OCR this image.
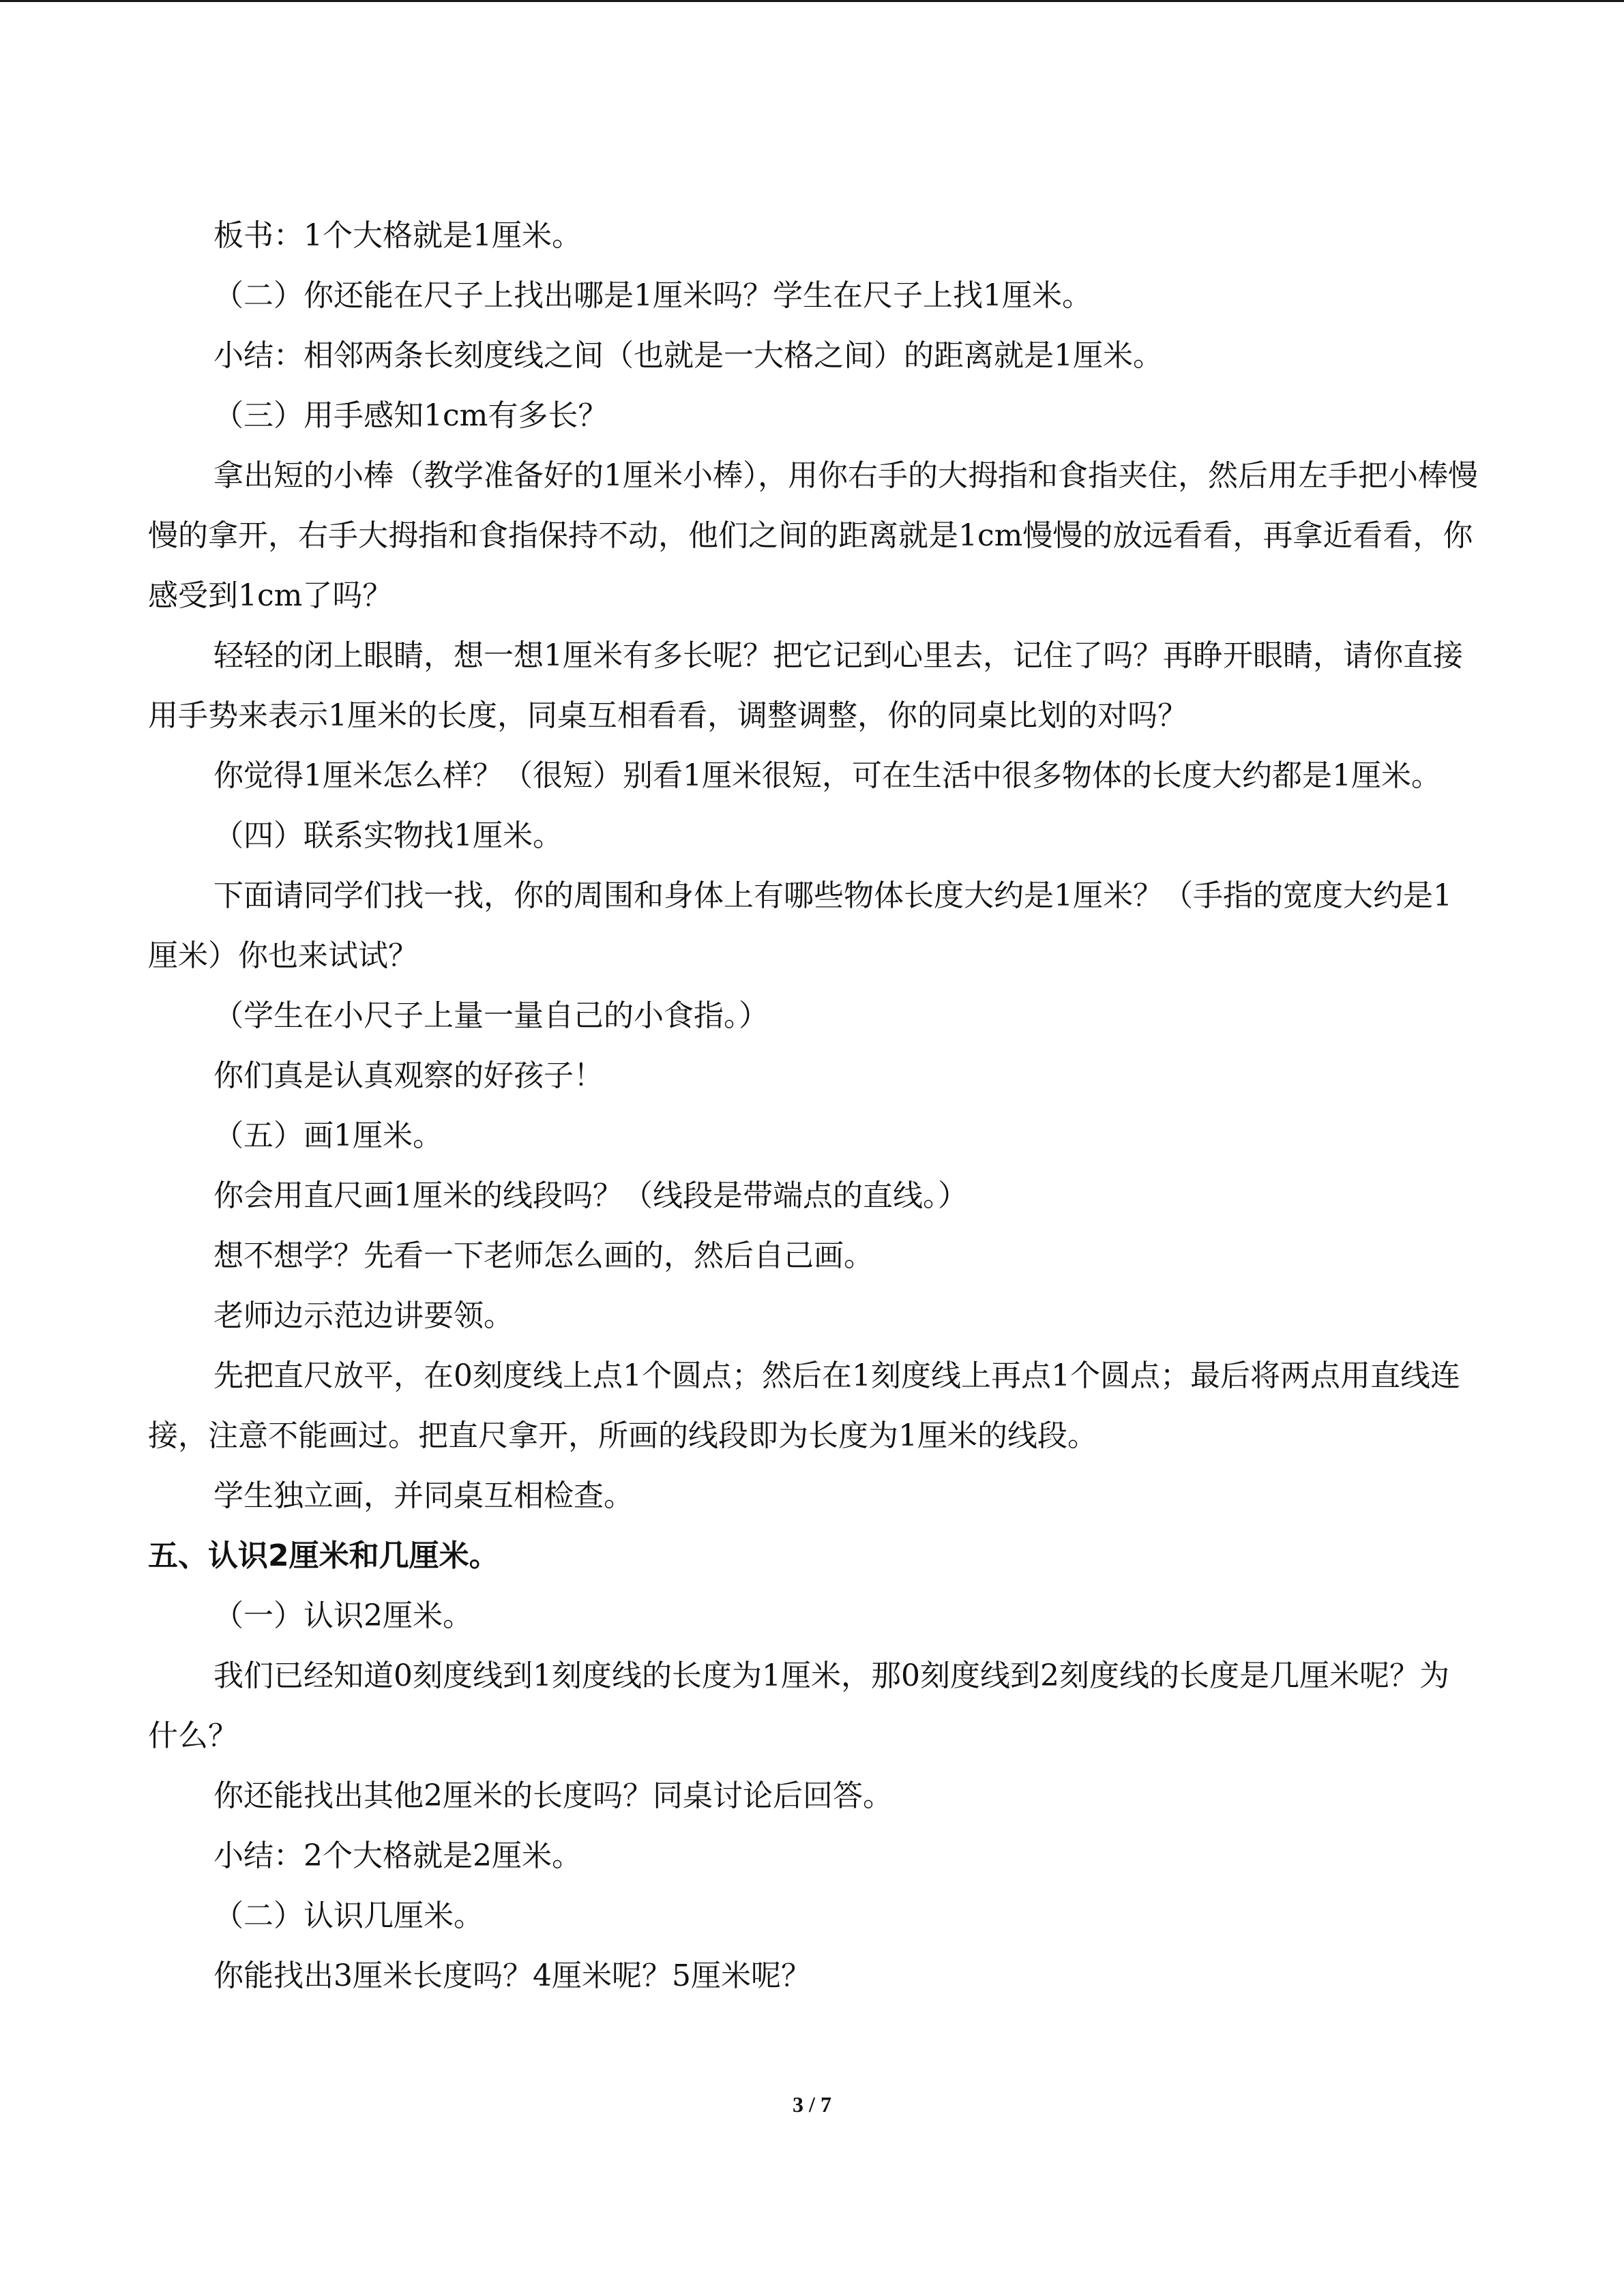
板书：1个大格就是1厘米。

（二）你还能在尺子上找出哪是1厘米吗？学生在尺子上找1厘米。

小结：相邻两条长刻度线之间（也就是一大格之间）的距离就是1厘米。

（三）用手感知1cm有多长？

拿出短的小棒（教学准备好的1厘米小棒），用你右手的大拇指和食指夹住，然后用左手把小棒慢慢的拿开，右手大拇指和食指保持不动，他们之间的距离就是1cm慢慢的放远看看，再拿近看看，你感受到1cm了吗？

轻轻的闭上眼睛，想一想1厘米有多长呢？把它记到心里去，记住了吗？再睁开眼睛，请你直接用手势来表示1厘米的长度，同桌互相看看，调整调整，你的同桌比划的对吗？

你觉得1厘米怎么样？（很短）别看1厘米很短，可在生活中很多物体的长度大约都是1厘米。

（四）联系实物找1厘米。

下面请同学们找一找，你的周围和身体上有哪些物体长度大约是1厘米？（手指的宽度大约是1厘米）你也来试试？

（学生在小尺子上量一量自己的小食指。）

你们真是认真观察的好孩子！

（五）画1厘米。

你会用直尺画1厘米的线段吗？（线段是带端点的直线。）

想不想学？先看一下老师怎么画的，然后自己画。

老师边示范边讲要领。

先把直尺放平，在0刻度线上点1个圆点；然后在1刻度线上再点1个圆点；最后将两点用直线连接，注意不能画过。把直尺拿开，所画的线段即为长度为1厘米的线段。

学生独立画，并同桌互相检查。

五、认识2厘米和几厘米。

（一）认识2厘米。

我们已经知道0刻度线到1刻度线的长度为1厘米，那0刻度线到2刻度线的长度是几厘米呢？为什么？

你还能找出其他2厘米的长度吗？同桌讨论后回答。

小结：2个大格就是2厘米。

（二）认识几厘米。

你能找出3厘米长度吗？4厘米呢？5厘米呢？

3 / 7
